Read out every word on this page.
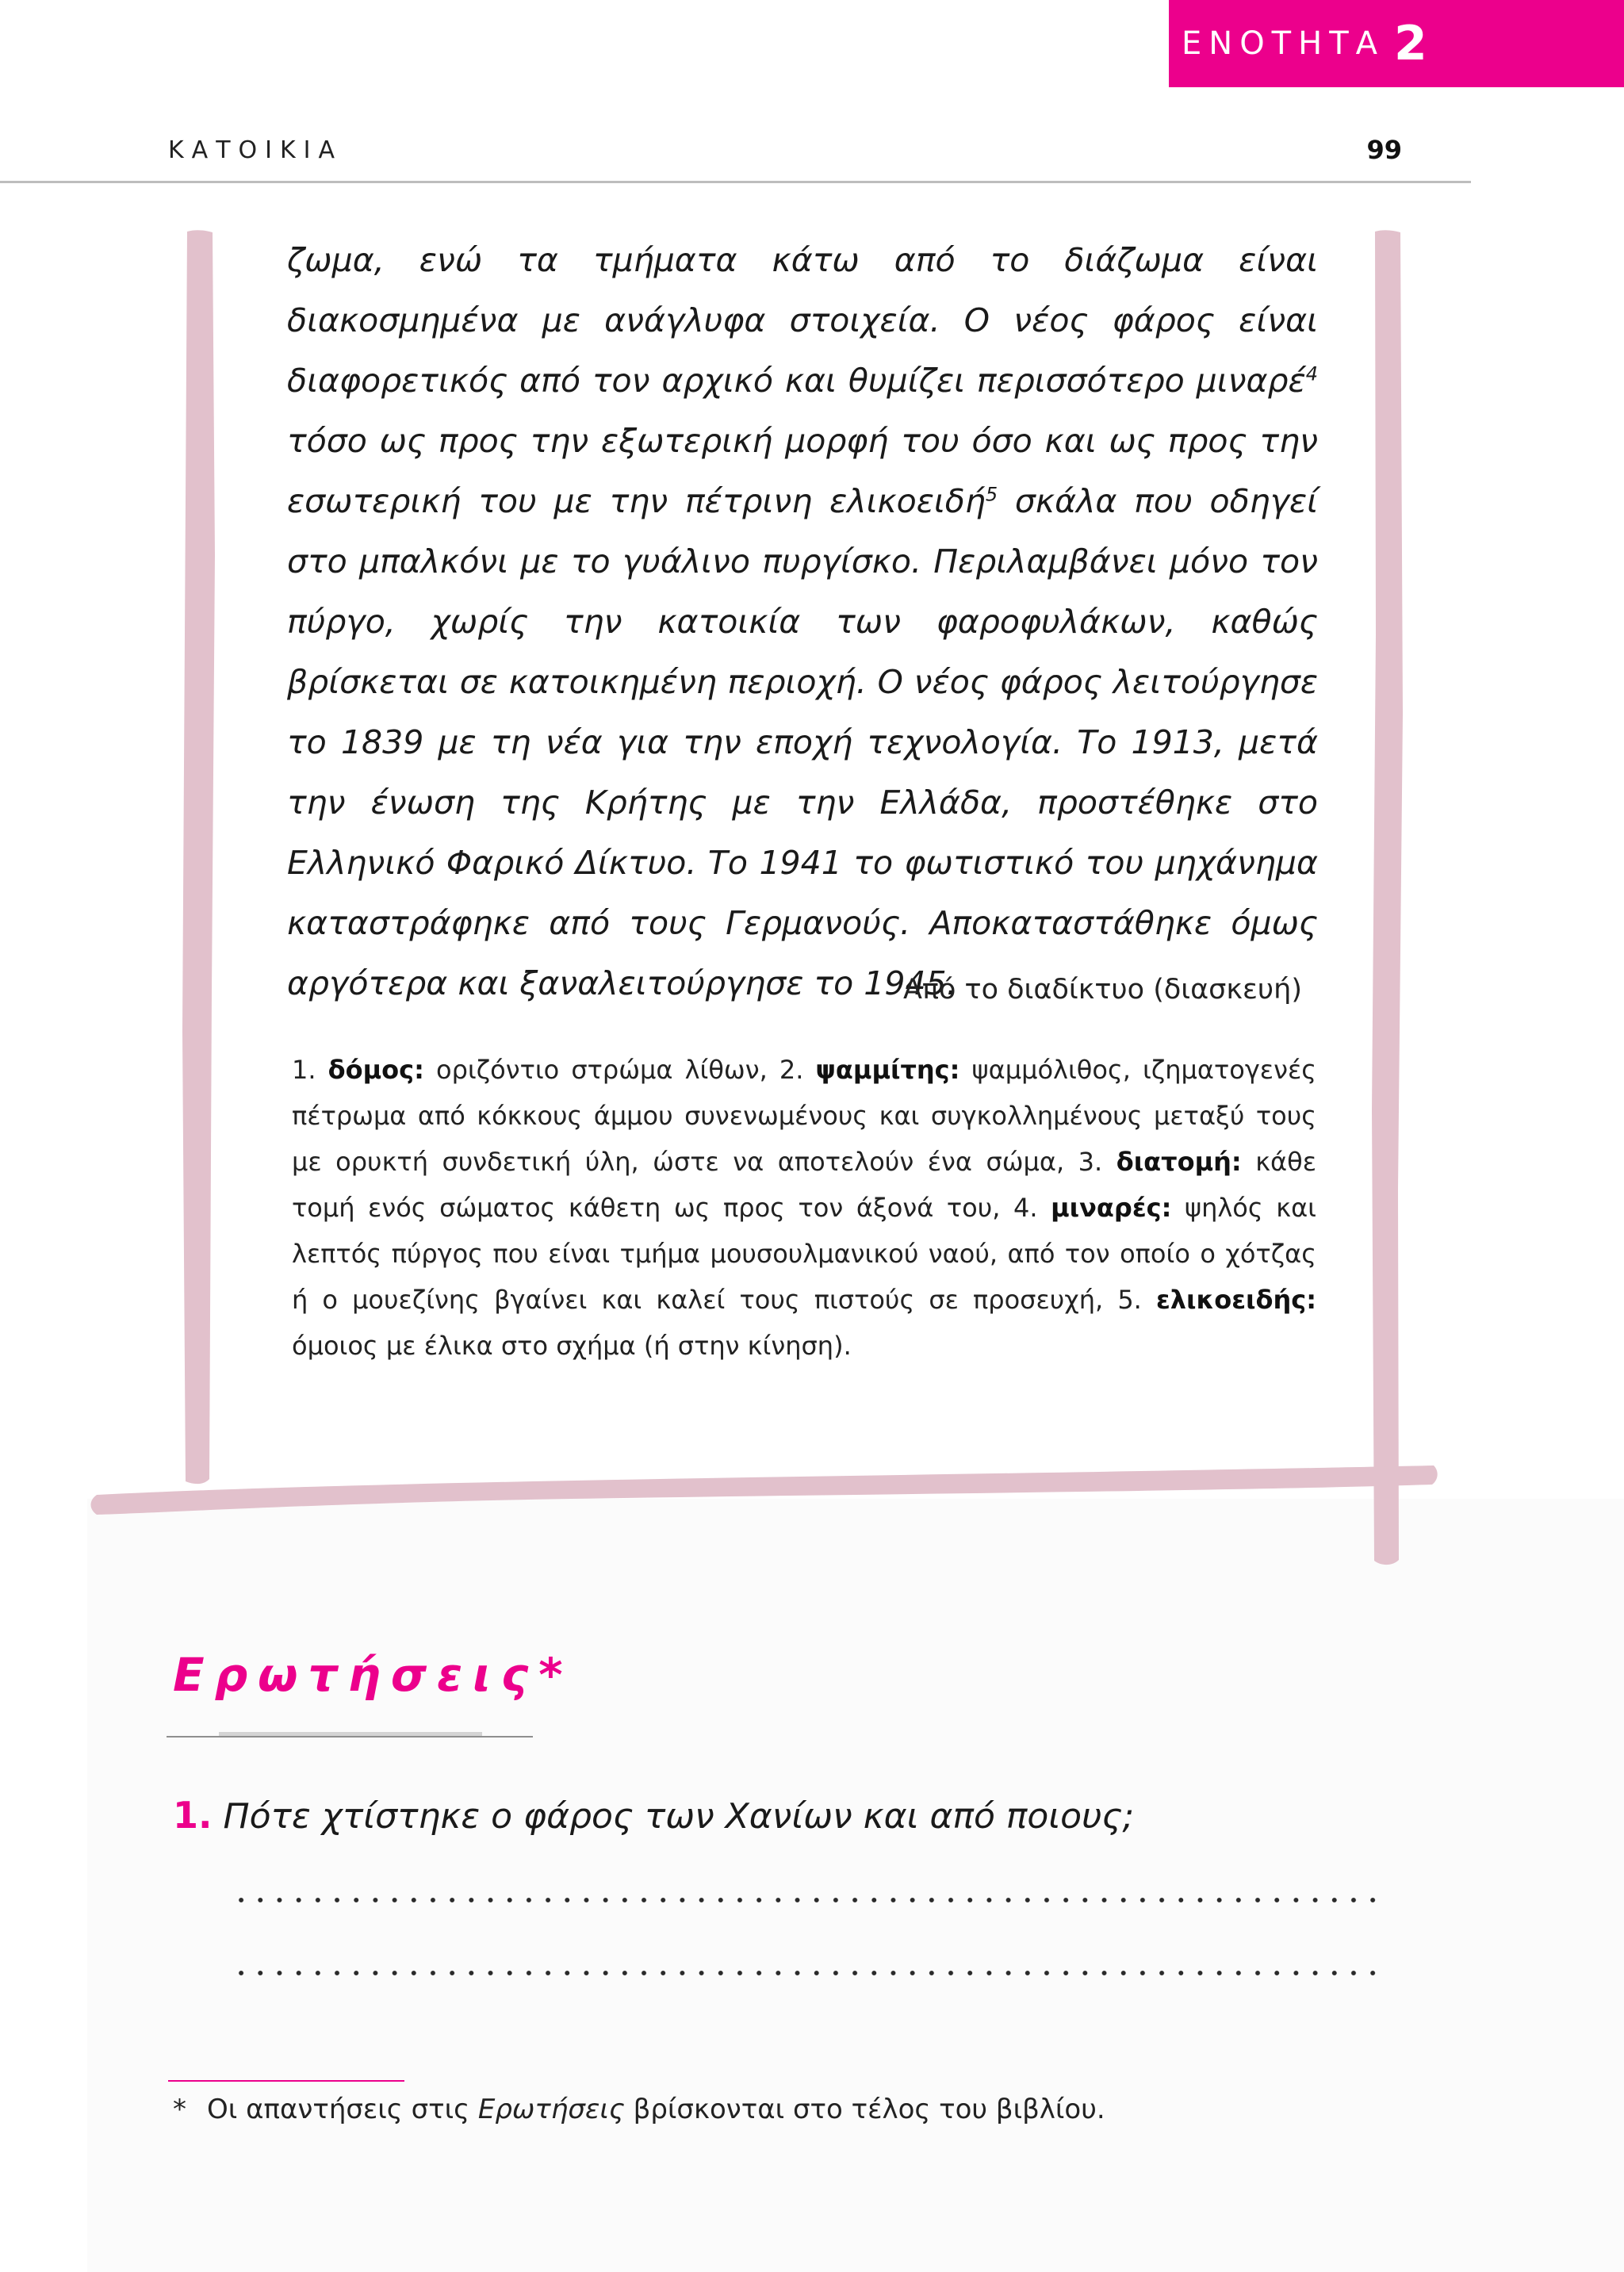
ΕΝΟΤΗΤΑ 2
ΚΑΤΟΙΚΙΑ	99

ζωμα, ενώ τα τμήματα κάτω από το διάζωμα είναι διακοσμημένα με ανάγλυφα στοιχεία. Ο νέος φάρος είναι διαφορετικός από τον αρχικό και θυμίζει περισσότερο μιναρέ$^4$ τόσο ως προς την εξωτερική μορφή του όσο και ως προς την εσωτερική του με την πέτρινη ελικοειδή$^5$ σκάλα που οδηγεί στο μπαλκόνι με το γυάλινο πυργίσκο. Περιλαμβάνει μόνο τον πύργο, χωρίς την κατοικία των φαροφυλάκων, καθώς βρίσκεται σε κατοικημένη περιοχή. Ο νέος φάρος λειτούργησε το 1839 με τη νέα για την εποχή τεχνολογία. Το 1913, μετά την ένωση της Κρήτης με την Ελλάδα, προστέθηκε στο Ελληνικό Φαρικό Δίκτυο. Το 1941 το φωτιστικό του μηχάνημα καταστράφηκε από τους Γερμανούς. Αποκαταστάθηκε όμως αργότερα και ξαναλειτούργησε το 1945.

Από το διαδίκτυο (διασκευή)

1. δόμος: οριζόντιο στρώμα λίθων, 2. ψαμμίτης: ψαμμόλιθος, ιζηματογενές πέτρωμα από κόκκους άμμου συνενωμένους και συγκολλημένους μεταξύ τους με ορυκτή συνδετική ύλη, ώστε να αποτελούν ένα σώμα, 3. διατομή: κάθε τομή ενός σώματος κάθετη ως προς τον άξονά του, 4. μιναρές: ψηλός και λεπτός πύργος που είναι τμήμα μουσουλμανικού ναού, από τον οποίο ο χότζας ή ο μουεζίνης βγαίνει και καλεί τους πιστούς σε προσευχή, 5. ελικοειδής: όμοιος με έλικα στο σχήμα (ή στην κίνηση).

Ερωτήσεις*
1. Πότε χτίστηκε ο φάρος των Χανίων και από ποιους;
* Οι απαντήσεις στις Ερωτήσεις βρίσκονται στο τέλος του βιβλίου.
